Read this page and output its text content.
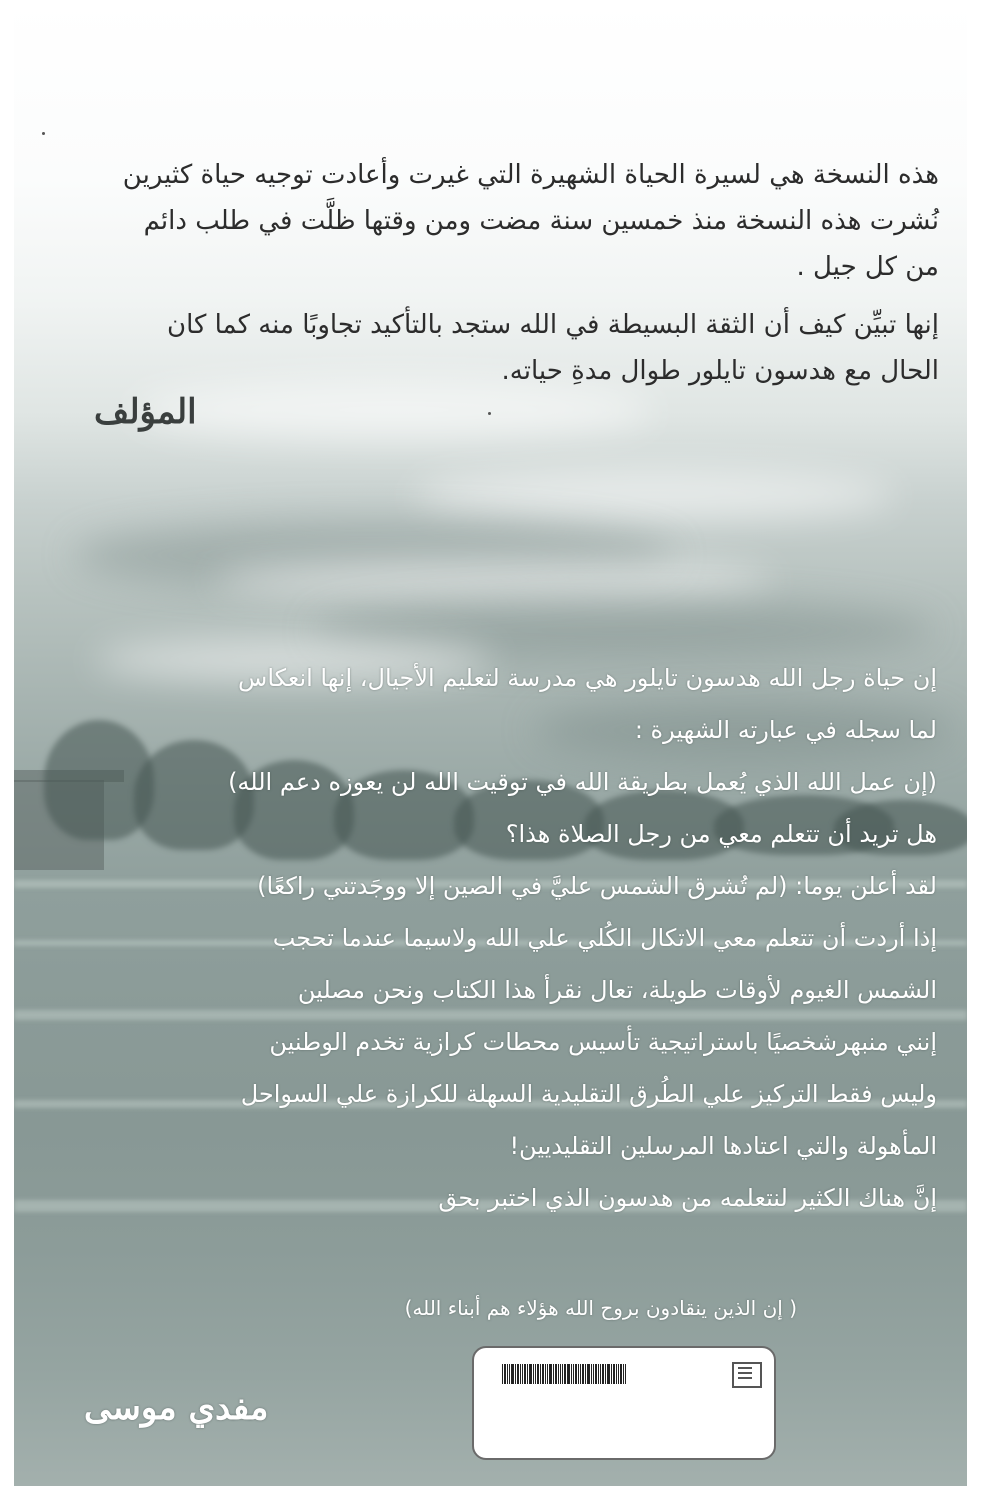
هذه النسخة هي لسيرة الحياة الشهيرة التي غيرت وأعادت توجيه حياة كثيرين
نُشرت هذه النسخة منذ خمسين سنة مضت ومن وقتها ظلَّت في طلب دائم
من كل جيل .

إنها تبيِّن كيف أن الثقة البسيطة في الله ستجد بالتأكيد تجاوبًا منه كما كان
الحال مع هدسون تايلور طوال مدةِ حياته.

المؤلف
إن حياة رجل الله هدسون تايلور هي مدرسة لتعليم الأجيال، إنها انعكاس
لما سجله في عبارته الشهيرة :
(إن عمل الله الذي يُعمل بطريقة الله في توقيت الله لن يعوزه دعم الله)
هل تريد أن تتعلم معي من رجل الصلاة هذا؟
لقد أعلن يوما: (لم تُشرق الشمس عليَّ في الصين إلا ووجَدتني راكعًا)
إذا أردت أن تتعلم معي الاتكال الكُلي علي الله ولاسيما عندما تحجب
الشمس الغيوم لأوقات طويلة، تعال نقرأ هذا الكتاب ونحن مصلين
إنني منبهرشخصيًا باستراتيجية تأسيس محطات كرازية تخدم الوطنين
وليس فقط التركيز علي الطُرق التقليدية السهلة للكرازة علي السواحل
المأهولة والتي اعتادها المرسلين التقليديين!
إنَّ هناك الكثير لنتعلمه من هدسون الذي اختبر بحق
( إن الذين ينقادون بروح الله هؤلاء هم أبناء الله)
مفدي موسى
